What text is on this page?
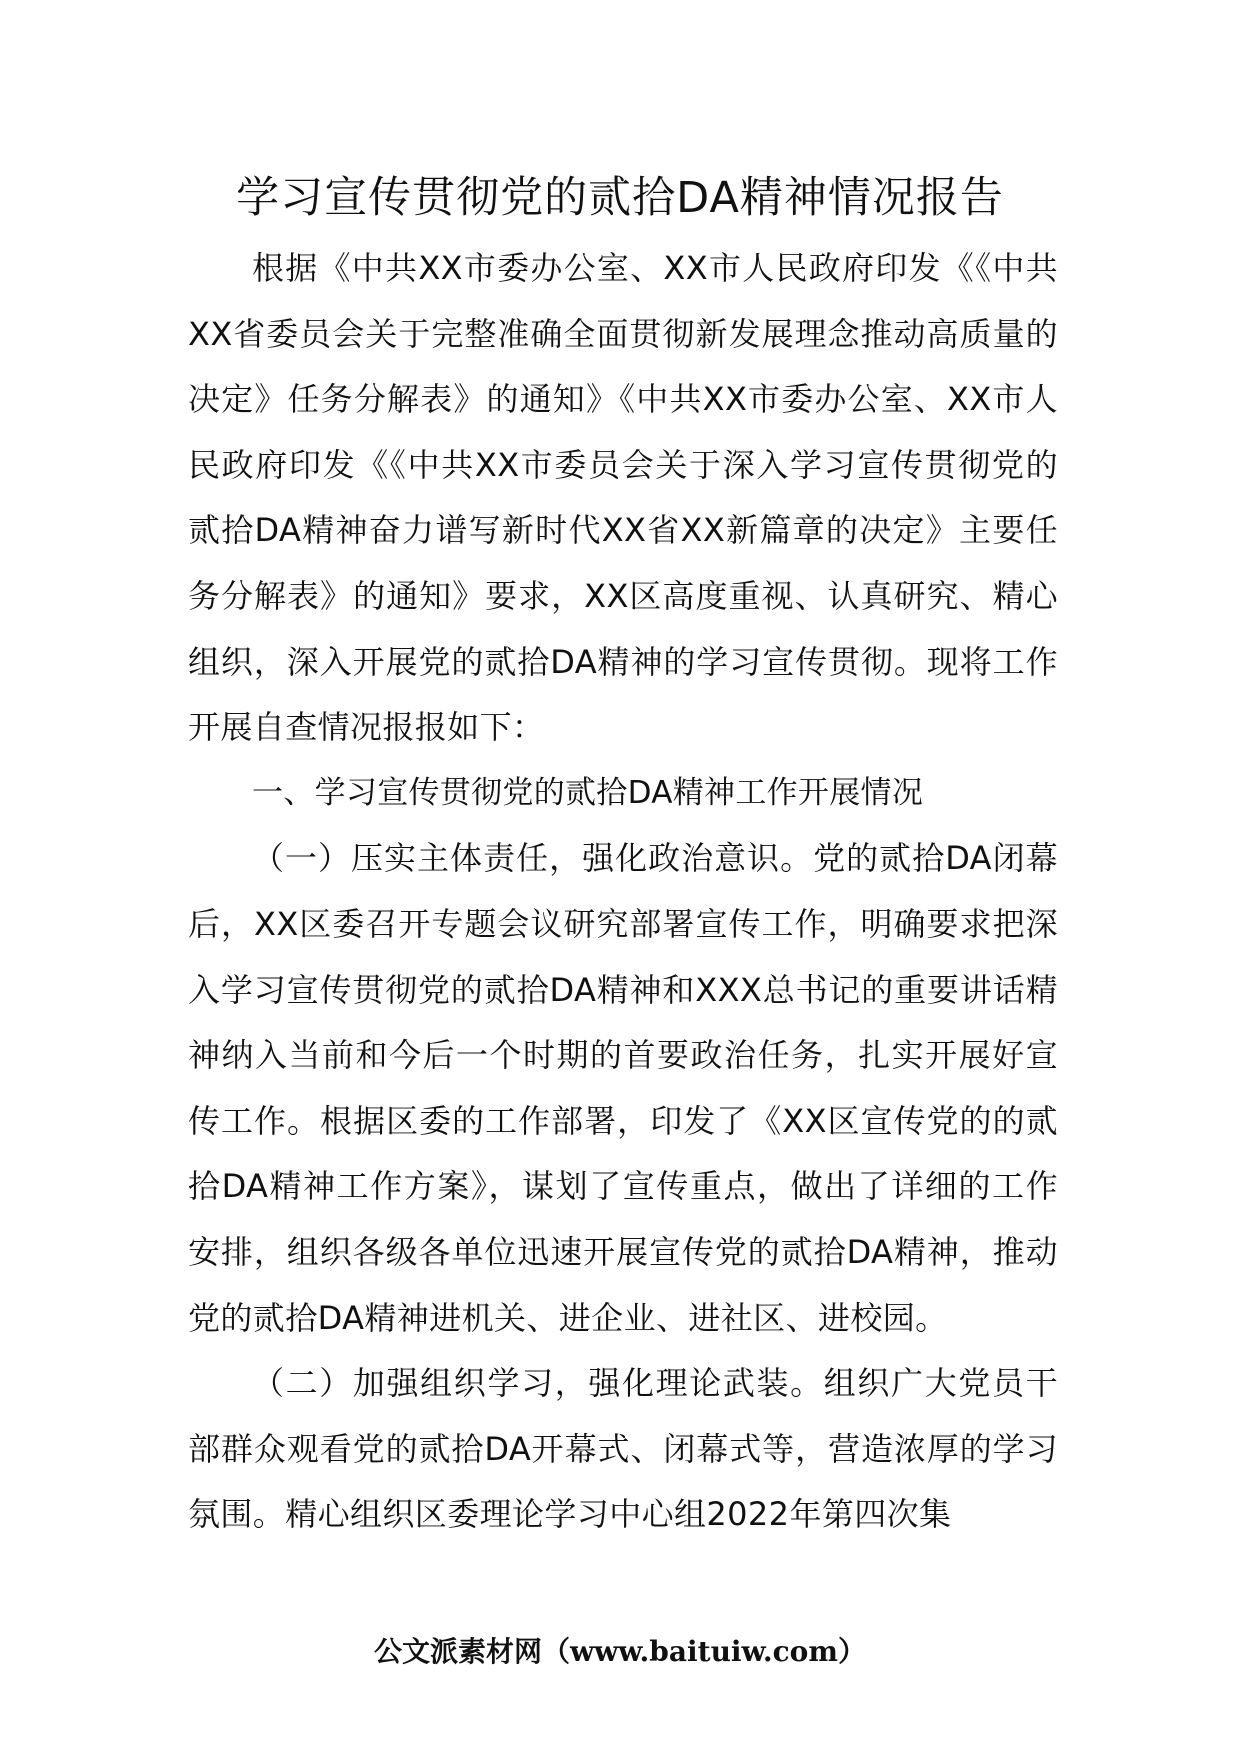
学习宣传贯彻党的贰拾DA精神情况报告

根据《中共XX市委办公室、XX市人民政府印发《《中共XX省委员会关于完整准确全面贯彻新发展理念推动高质量的决定》任务分解表》的通知》《中共XX市委办公室、XX市人民政府印发《《中共XX市委员会关于深入学习宣传贯彻党的贰拾DA精神奋力谱写新时代XX省XX新篇章的决定》主要任务分解表》的通知》要求，XX区高度重视、认真研究、精心组织，深入开展党的贰拾DA精神的学习宣传贯彻。现将工作开展自查情况报报如下：

一、学习宣传贯彻党的贰拾DA精神工作开展情况

（一）压实主体责任，强化政治意识。党的贰拾DA闭幕后，XX区委召开专题会议研究部署宣传工作，明确要求把深入学习宣传贯彻党的贰拾DA精神和XXX总书记的重要讲话精神纳入当前和今后一个时期的首要政治任务，扎实开展好宣传工作。根据区委的工作部署，印发了《XX区宣传党的的贰拾DA精神工作方案》，谋划了宣传重点，做出了详细的工作安排，组织各级各单位迅速开展宣传党的贰拾DA精神，推动党的贰拾DA精神进机关、进企业、进社区、进校园。

（二）加强组织学习，强化理论武装。组织广大党员干部群众观看党的贰拾DA开幕式、闭幕式等，营造浓厚的学习氛围。精心组织区委理论学习中心组2022年第四次集

公文派素材网（www.baituiw.com）
